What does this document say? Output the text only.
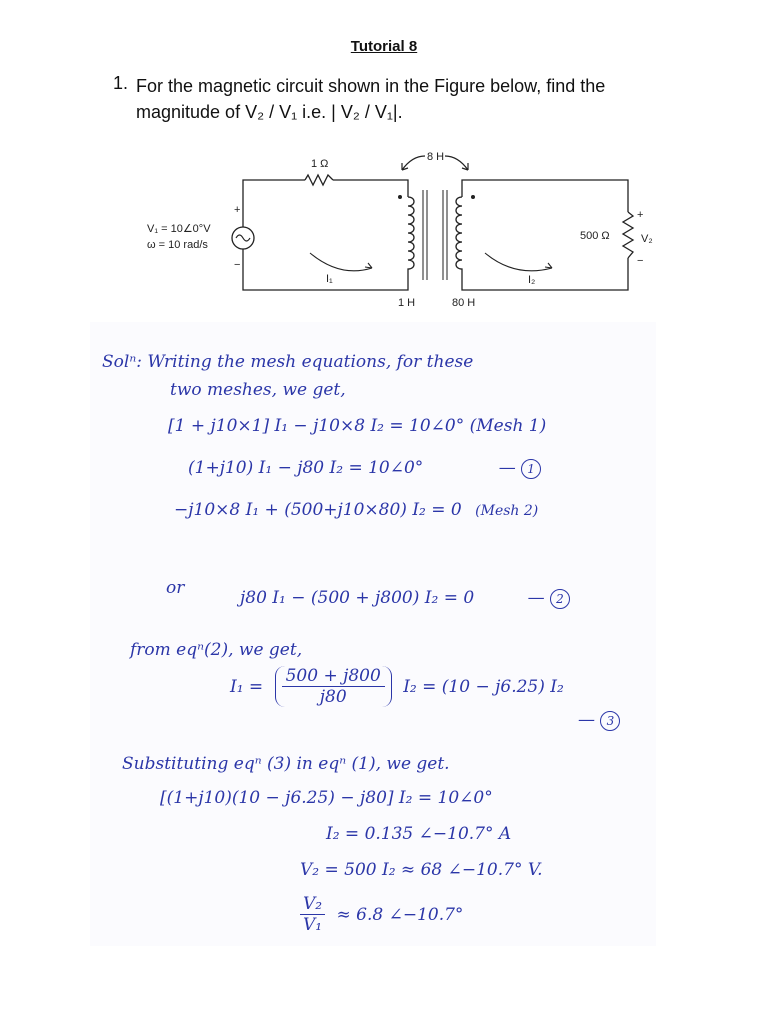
Tutorial 8
1. For the magnetic circuit shown in the Figure below, find the
magnitude of V₂ / V₁ i.e. | V₂ / V₁|.
1 Ω
+
−
V₁ = 10∠0°V
ω = 10 rad/s
8 H
1 H	80 H
I₁	I₂
500 Ω
+
−
V₂
Solⁿ: Writing the mesh equations, for these
two meshes, we get,
[1 + j10×1] I₁ − j10×8 I₂ = 10∠0° (Mesh 1)
(1+j10) I₁ − j80 I₂ = 10∠0°	— 1
−j10×8 I₁ + (500+j10×80) I₂ = 0 (Mesh 2)
or	j80 I₁ − (500 + j800) I₂ = 0	— 2
from eqⁿ(2), we get,
$I_1 = \frac{500 + j800}{j80} I_2 = (10 - j6.25)$ I₂
— 3
Substituting eqⁿ (3) in eqⁿ (1), we get.
[(1+j10)(10 − j6.25) − j80] I₂ = 10∠0°
I₂ = 0.135 ∠−10.7° A
V₂ = 500 I₂ ≈ 68 ∠−10.7° V.
$\frac{\text{V₂}}{\text{V₁}} \approx 6.8$ ∠−10.7°
